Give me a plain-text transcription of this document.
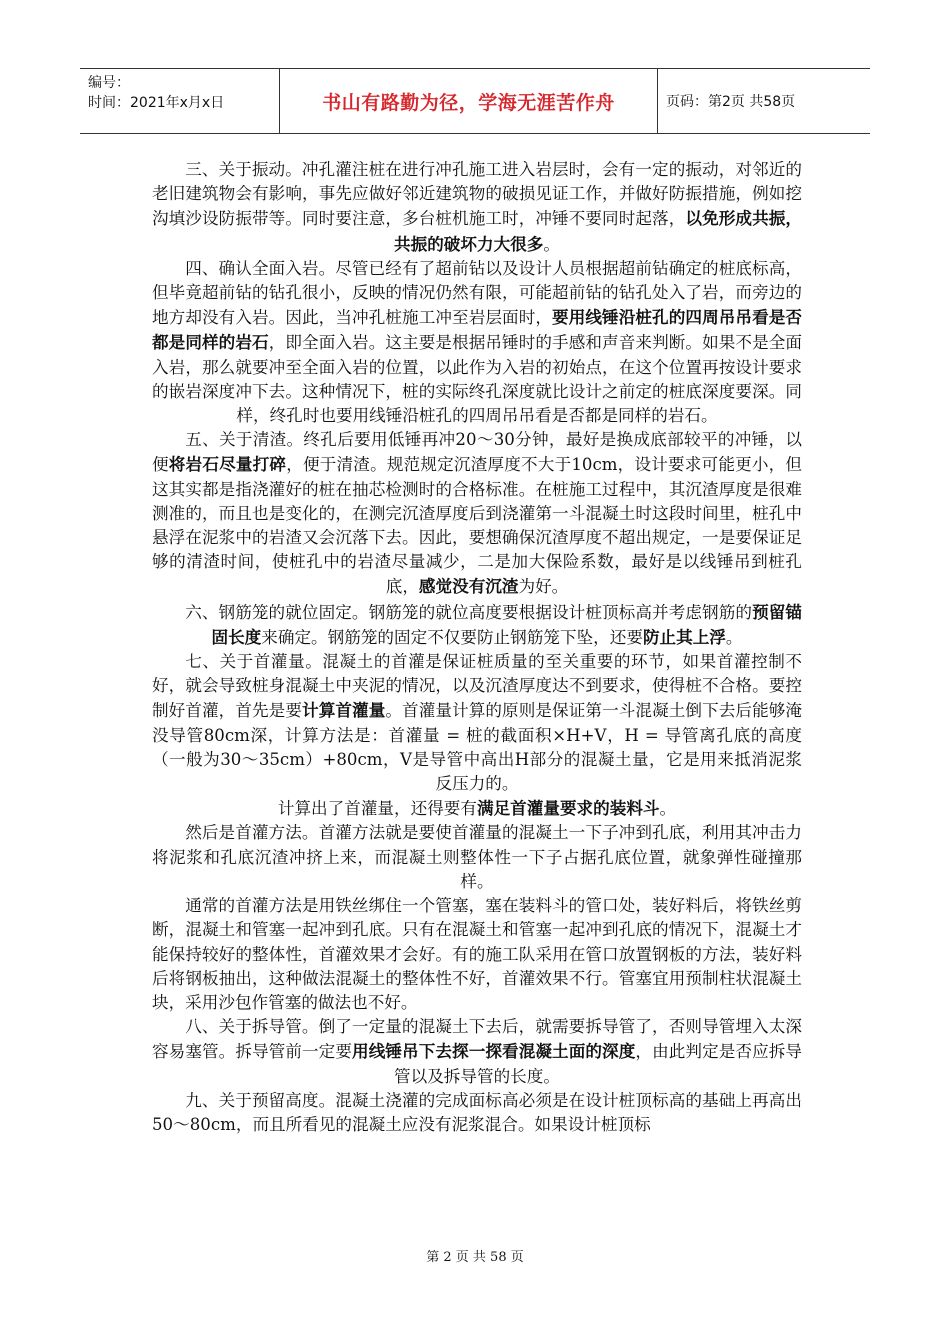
编号：
时间：2021年x月x日	书山有路勤为径，学海无涯苦作舟	页码：第2页 共58页

三、关于振动。冲孔灌注桩在进行冲孔施工进入岩层时，会有一定的振动，对邻近的老旧建筑物会有影响，事先应做好邻近建筑物的破损见证工作，并做好防振措施，例如挖沟填沙设防振带等。同时要注意，多台桩机施工时，冲锤不要同时起落，以免形成共振，共振的破坏力大很多。

四、确认全面入岩。尽管已经有了超前钻以及设计人员根据超前钻确定的桩底标高，但毕竟超前钻的钻孔很小，反映的情况仍然有限，可能超前钻的钻孔处入了岩，而旁边的地方却没有入岩。因此，当冲孔桩施工冲至岩层面时，要用线锤沿桩孔的四周吊吊看是否都是同样的岩石，即全面入岩。这主要是根据吊锤时的手感和声音来判断。如果不是全面入岩，那么就要冲至全面入岩的位置，以此作为入岩的初始点，在这个位置再按设计要求的嵌岩深度冲下去。这种情况下，桩的实际终孔深度就比设计之前定的桩底深度要深。同样，终孔时也要用线锤沿桩孔的四周吊吊看是否都是同样的岩石。

五、关于清渣。终孔后要用低锤再冲20～30分钟，最好是换成底部较平的冲锤，以便将岩石尽量打碎，便于清渣。规范规定沉渣厚度不大于10cm，设计要求可能更小，但这其实都是指浇灌好的桩在抽芯检测时的合格标准。在桩施工过程中，其沉渣厚度是很难测准的，而且也是变化的，在测完沉渣厚度后到浇灌第一斗混凝土时这段时间里，桩孔中悬浮在泥浆中的岩渣又会沉落下去。因此，要想确保沉渣厚度不超出规定，一是要保证足够的清渣时间，使桩孔中的岩渣尽量减少，二是加大保险系数，最好是以线锤吊到桩孔底，感觉没有沉渣为好。

六、钢筋笼的就位固定。钢筋笼的就位高度要根据设计桩顶标高并考虑钢筋的预留锚固长度来确定。钢筋笼的固定不仅要防止钢筋笼下坠，还要防止其上浮。

七、关于首灌量。混凝土的首灌是保证桩质量的至关重要的环节，如果首灌控制不好，就会导致桩身混凝土中夹泥的情况，以及沉渣厚度达不到要求，使得桩不合格。要控制好首灌，首先是要计算首灌量。首灌量计算的原则是保证第一斗混凝土倒下去后能够淹没导管80cm深，计算方法是：首灌量 = 桩的截面积×H+V，H = 导管离孔底的高度（一般为30～35cm）+80cm，V是导管中高出H部分的混凝土量，它是用来抵消泥浆反压力的。

计算出了首灌量，还得要有满足首灌量要求的装料斗。

然后是首灌方法。首灌方法就是要使首灌量的混凝土一下子冲到孔底，利用其冲击力将泥浆和孔底沉渣冲挤上来，而混凝土则整体性一下子占据孔底位置，就象弹性碰撞那样。

通常的首灌方法是用铁丝绑住一个管塞，塞在装料斗的管口处，装好料后，将铁丝剪断，混凝土和管塞一起冲到孔底。只有在混凝土和管塞一起冲到孔底的情况下，混凝土才能保持较好的整体性，首灌效果才会好。有的施工队采用在管口放置钢板的方法，装好料后将钢板抽出，这种做法混凝土的整体性不好，首灌效果不行。管塞宜用预制柱状混凝土块，采用沙包作管塞的做法也不好。

八、关于拆导管。倒了一定量的混凝土下去后，就需要拆导管了，否则导管埋入太深容易塞管。拆导管前一定要用线锤吊下去探一探看混凝土面的深度，由此判定是否应拆导管以及拆导管的长度。

九、关于预留高度。混凝土浇灌的完成面标高必须是在设计桩顶标高的基础上再高出50～80cm，而且所看见的混凝土应没有泥浆混合。如果设计桩顶标

第 2 页 共 58 页
